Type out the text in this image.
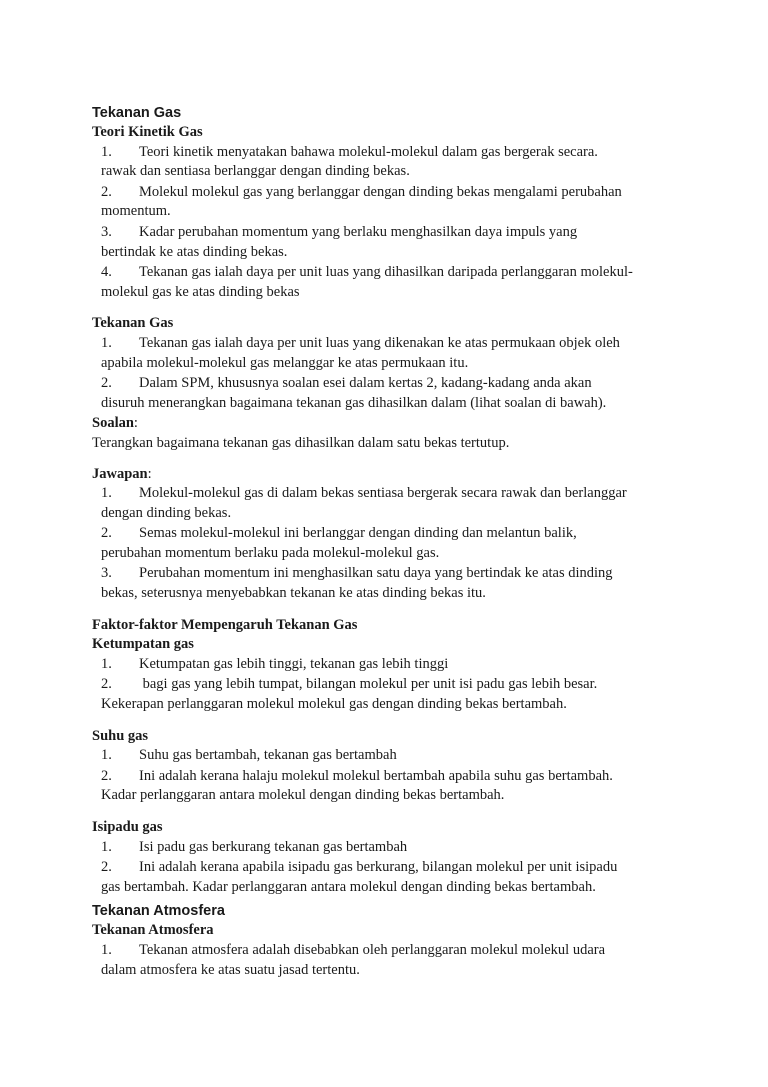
Tekanan Gas
Teori Kinetik Gas
1. Teori kinetik menyatakan bahawa molekul-molekul dalam gas bergerak secara.
rawak dan sentiasa berlanggar dengan dinding bekas.
2. Molekul molekul gas yang berlanggar dengan dinding bekas mengalami perubahan
momentum.
3. Kadar perubahan momentum yang berlaku menghasilkan daya impuls yang
bertindak ke atas dinding bekas.
4. Tekanan gas ialah daya per unit luas yang dihasilkan daripada perlanggaran molekul-
molekul gas ke atas dinding bekas
Tekanan Gas
1. Tekanan gas ialah daya per unit luas yang dikenakan ke atas permukaan objek oleh
apabila molekul-molekul gas melanggar ke atas permukaan itu.
2. Dalam SPM, khususnya soalan esei dalam kertas 2, kadang-kadang anda akan
disuruh menerangkan bagaimana tekanan gas dihasilkan dalam (lihat soalan di bawah).
Soalan:
Terangkan bagaimana tekanan gas dihasilkan dalam satu bekas tertutup.
Jawapan:
1. Molekul-molekul gas di dalam bekas sentiasa bergerak secara rawak dan berlanggar
dengan dinding bekas.
2. Semas molekul-molekul ini berlanggar dengan dinding dan melantun balik,
perubahan momentum berlaku pada molekul-molekul gas.
3. Perubahan momentum ini menghasilkan satu daya yang bertindak ke atas dinding
bekas, seterusnya menyebabkan tekanan ke atas dinding bekas itu.
Faktor-faktor Mempengaruh Tekanan Gas
Ketumpatan gas
1. Ketumpatan gas lebih tinggi, tekanan gas lebih tinggi
2. bagi gas yang lebih tumpat, bilangan molekul per unit isi padu gas lebih besar.
Kekerapan perlanggaran molekul molekul gas dengan dinding bekas bertambah.
Suhu gas
1. Suhu gas bertambah, tekanan gas bertambah
2. Ini adalah kerana halaju molekul molekul bertambah apabila suhu gas bertambah.
Kadar perlanggaran antara molekul dengan dinding bekas bertambah.
Isipadu gas
1. Isi padu gas berkurang tekanan gas bertambah
2. Ini adalah kerana apabila isipadu gas berkurang, bilangan molekul per unit isipadu
gas bertambah. Kadar perlanggaran antara molekul dengan dinding bekas bertambah.
Tekanan Atmosfera
Tekanan Atmosfera
1. Tekanan atmosfera adalah disebabkan oleh perlanggaran molekul molekul udara
dalam atmosfera ke atas suatu jasad tertentu.
